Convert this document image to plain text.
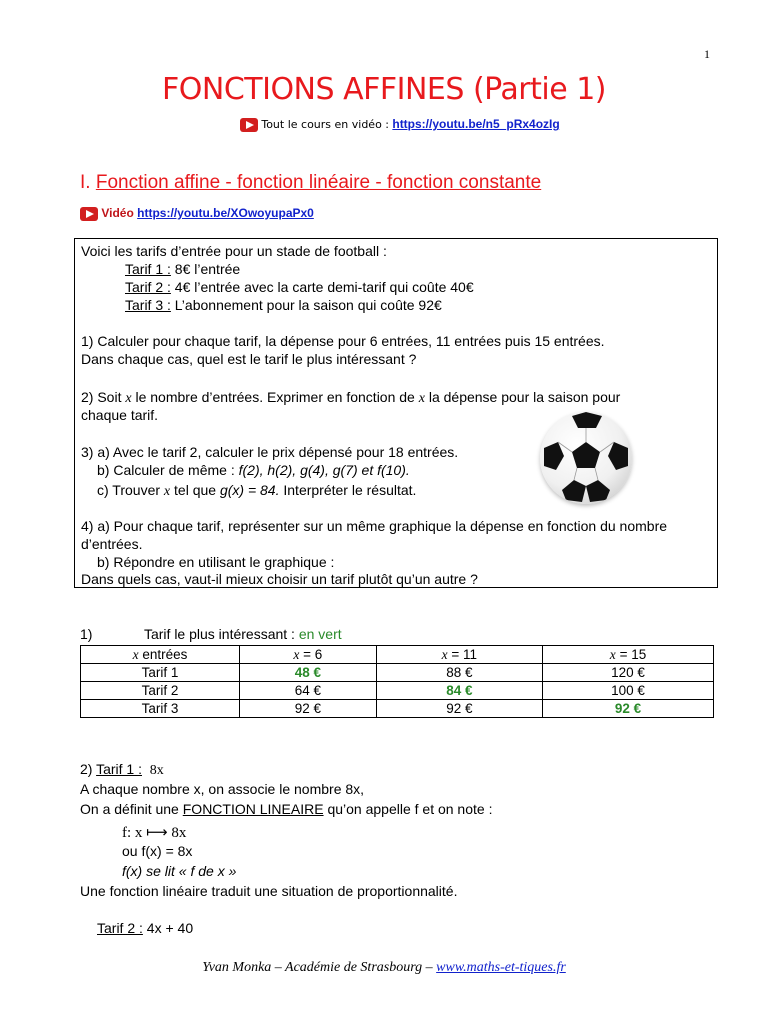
1
FONCTIONS AFFINES (Partie 1)
Tout le cours en vidéo : https://youtu.be/n5_pRx4ozIg
I. Fonction affine - fonction linéaire - fonction constante
Vidéo https://youtu.be/XOwoyupaPx0
Voici les tarifs d’entrée pour un stade de football :
Tarif 1 : 8€ l’entrée
Tarif 2 : 4€ l’entrée avec la carte demi-tarif qui coûte 40€
Tarif 3 : L’abonnement pour la saison qui coûte 92€
1) Calculer pour chaque tarif, la dépense pour 6 entrées, 11 entrées puis 15 entrées.
Dans chaque cas, quel est le tarif le plus intéressant ?
2) Soit x le nombre d’entrées. Exprimer en fonction de x la dépense pour la saison pour
chaque tarif.
3) a) Avec le tarif 2, calculer le prix dépensé pour 18 entrées.
b) Calculer de même : f(2), h(2), g(4), g(7) et f(10).
c) Trouver x tel que g(x) = 84. Interpréter le résultat.
4) a) Pour chaque tarif, représenter sur un même graphique la dépense en fonction du nombre
d’entrées.
b) Répondre en utilisant le graphique :
Dans quels cas, vaut-il mieux choisir un tarif plutôt qu’un autre ?
1)	Tarif le plus intéressant : en vert
x entrées	x = 6	x = 11	x = 15
Tarif 1	48 €	88 €	120 €
Tarif 2	64 €	84 €	100 €
Tarif 3	92 €	92 €	92 €
2) Tarif 1 : 8x
A chaque nombre x, on associe le nombre 8x,
On a définit une FONCTION LINEAIRE qu’on appelle f et on note :
f: x ⟼ 8x
ou f(x) = 8x
f(x) se lit « f de x »
Une fonction linéaire traduit une situation de proportionnalité.
Tarif 2 : 4x + 40
Yvan Monka – Académie de Strasbourg – www.maths-et-tiques.fr
